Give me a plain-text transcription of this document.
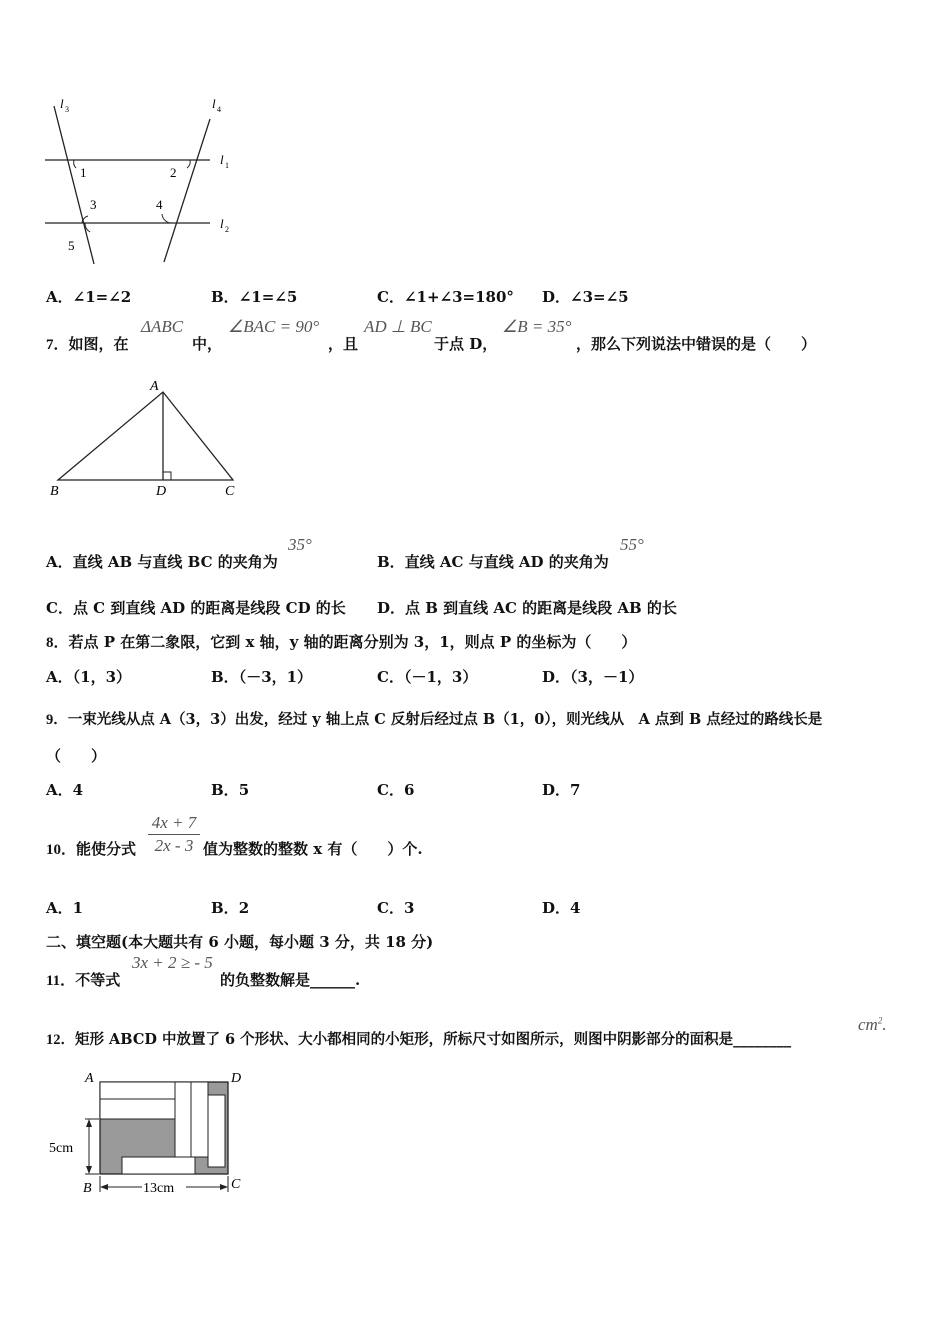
l 3	l 4
l 1
l 2
1	2
3	4
5
A．∠1=∠2	B．∠1=∠5	C．∠1+∠3=180° D．∠3=∠5
7．如图，在
ΔABC
中，
∠BAC = 90°
，且
AD ⊥ BC
于点 D，
∠B = 35°
，那么下列说法中错误的是（　　）
A
B	D	C
A．直线 AB 与直线 BC 的夹角为
35°
B．直线 AC 与直线 AD 的夹角为
55°
C．点 C 到直线 AD 的距离是线段 CD 的长 D．点 B 到直线 AC 的距离是线段 AB 的长
8．若点 P 在第二象限，它到 x 轴，y 轴的距离分别为 3，1，则点 P 的坐标为（　　）
A．（1，3）	B．（－3，1）	C．（－1，3）	D．（3，－1）
9．一束光线从点 A（3，3）出发，经过 y 轴上点 C 反射后经过点 B（1，0），则光线从　A 点到 B 点经过的路线长是
（　　）
A．4	B．5	C．6	D．7
10．能使分式
4x + 7
2x - 3 值为整数的整数 x 有（　　）个.
A．1	B．2	C．3	D．4
二、填空题(本大题共有 6 小题，每小题 3 分，共 18 分)
11．不等式
3x + 2 ≥ - 5
的负整数解是______.
12．矩形 ABCD 中放置了 6 个形状、大小都相同的小矩形，所标尺寸如图所示，则图中阴影部分的面积是________
$cm^2$.
A	D
B	C
5cm
13cm
